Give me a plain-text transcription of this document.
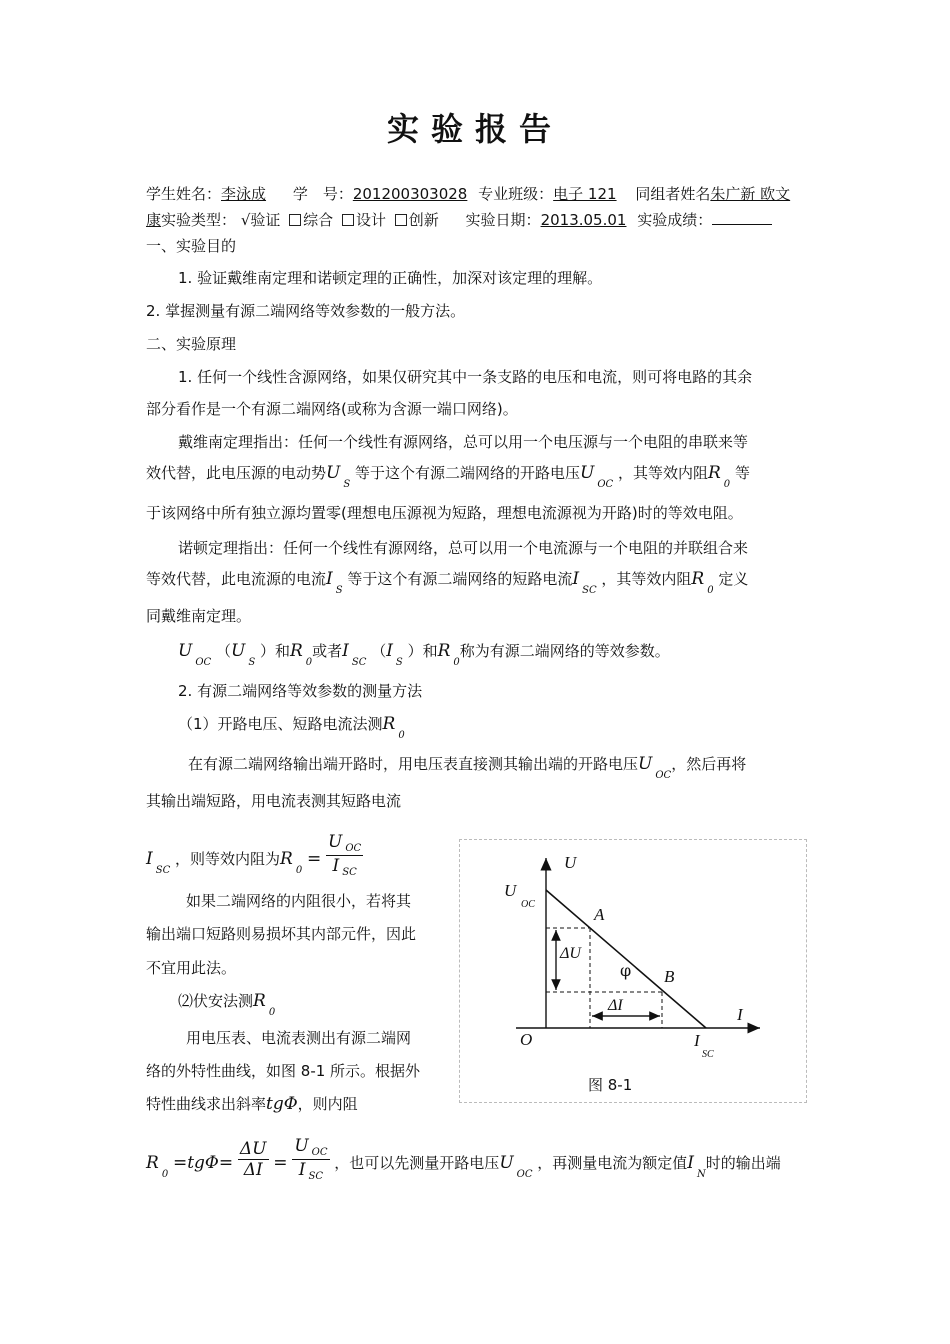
实验报告
学生姓名：李泳成 学　号：201200303028 专业班级：电子 121 同组者姓名朱广新 欧文
康实验类型： √验证 综合 设计 创新 实验日期：2013.05.01 实验成绩：
一、实验目的
1. 验证戴维南定理和诺顿定理的正确性，加深对该定理的理解。
2. 掌握测量有源二端网络等效参数的一般方法。
二、实验原理
1. 任何一个线性含源网络，如果仅研究其中一条支路的电压和电流，则可将电路的其余
部分看作是一个有源二端网络(或称为含源一端口网络)。
戴维南定理指出：任何一个线性有源网络，总可以用一个电压源与一个电阻的串联来等
效代替，此电压源的电动势$U_S$ 等于这个有源二端网络的开路电压$U_{OC}$ ，其等效内阻$R_0$ 等
于该网络中所有独立源均置零(理想电压源视为短路，理想电流源视为开路)时的等效电阻。
诺顿定理指出：任何一个线性有源网络，总可以用一个电流源与一个电阻的并联组合来
等效代替，此电流源的电流$I_S$ 等于这个有源二端网络的短路电流$I_{SC}$ ，其等效内阻$R_0$ 定义
同戴维南定理。
$U_{OC}$ （$U_S$ ）和$R_0$或者$I_{SC}$ （$I_S$ ）和$R_0$称为有源二端网络的等效参数。
2. 有源二端网络等效参数的测量方法
（1）开路电压、短路电流法测$R_0$
在有源二端网络输出端开路时，用电压表直接测其输出端的开路电压$U_{OC}$，然后再将
其输出端短路，用电流表测其短路电流
$I_{SC}$ ，则等效内阻为$R_0 = \frac{U _{OC}}{I _{SC}}$
如果二端网络的内阻很小，若将其
输出端口短路则易损坏其内部元件，因此
不宜用此法。
⑵伏安法测$R_0$
用电压表、电流表测出有源二端网
络的外特性曲线，如图 8-1 所示。根据外
特性曲线求出斜率tgΦ，则内阻
$R_0 =tg\Phi= \frac{\Delta U}{\Delta I} = \frac{U _{OC}}{I _{SC}}$ ，也可以先测量开路电压$U_{OC}$ ，再测量电流为额定值$I_N$时的输出端
U
I
O
U
OC
I
SC
A
B
ΔU
ΔI
φ
图 8-1
